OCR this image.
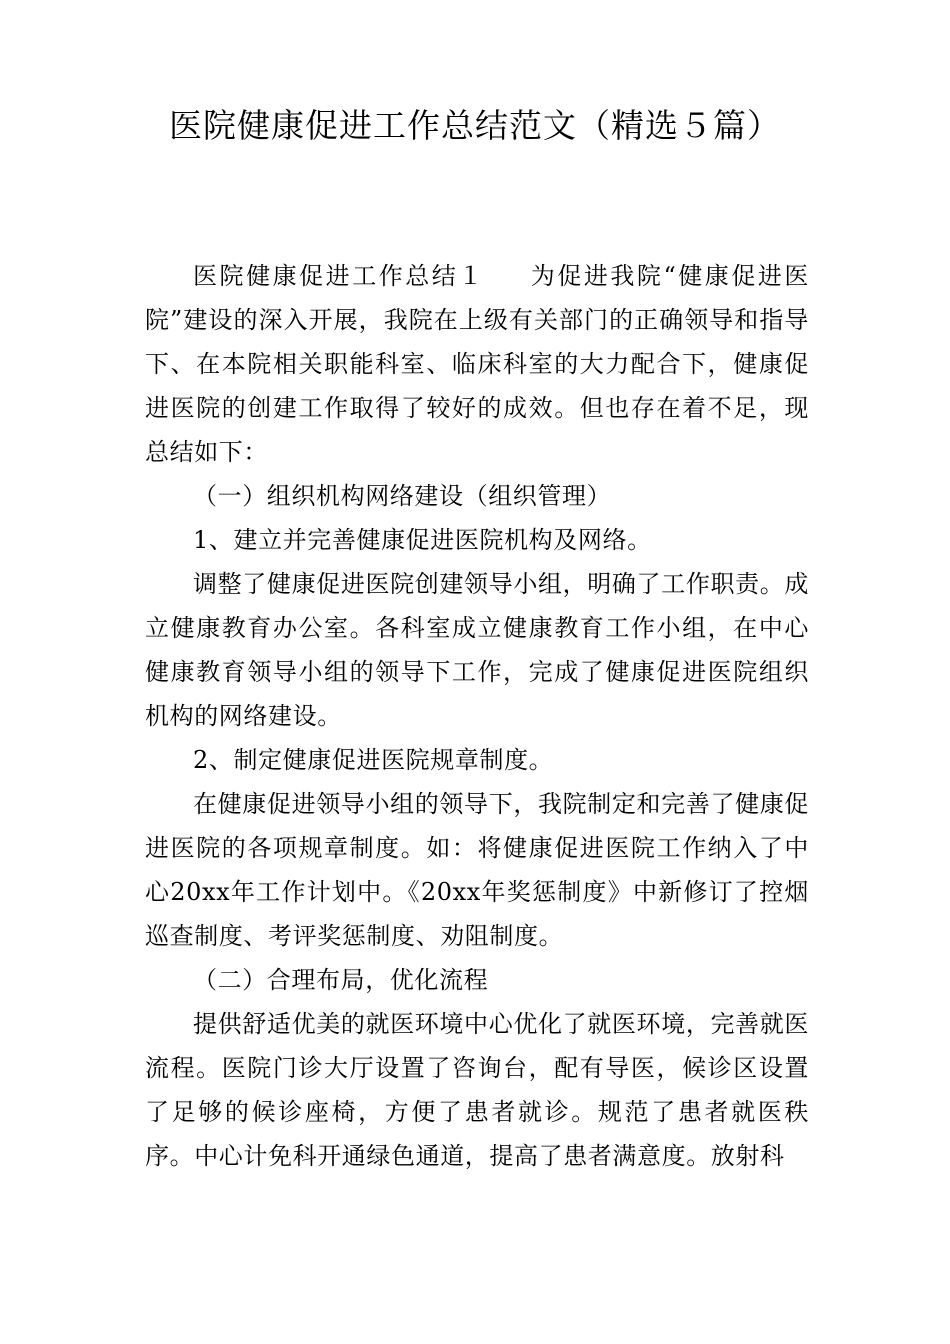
医院健康促进工作总结范文（精选５篇）

医院健康促进工作总结１ 为促进我院“健康促进医院”建设的深入开展，我院在上级有关部门的正确领导和指导下、在本院相关职能科室、临床科室的大力配合下，健康促进医院的创建工作取得了较好的成效。但也存在着不足，现总结如下：

（一）组织机构网络建设（组织管理）

1、建立并完善健康促进医院机构及网络。

调整了健康促进医院创建领导小组，明确了工作职责。成立健康教育办公室。各科室成立健康教育工作小组，在中心健康教育领导小组的领导下工作，完成了健康促进医院组织机构的网络建设。

2、制定健康促进医院规章制度。

在健康促进领导小组的领导下，我院制定和完善了健康促进医院的各项规章制度。如：将健康促进医院工作纳入了中心20xx年工作计划中。《20xx年奖惩制度》中新修订了控烟巡查制度、考评奖惩制度、劝阻制度。

（二）合理布局，优化流程

提供舒适优美的就医环境中心优化了就医环境，完善就医流程。医院门诊大厅设置了咨询台，配有导医，候诊区设置了足够的候诊座椅，方便了患者就诊。规范了患者就医秩序。中心计免科开通绿色通道，提高了患者满意度。放射科
